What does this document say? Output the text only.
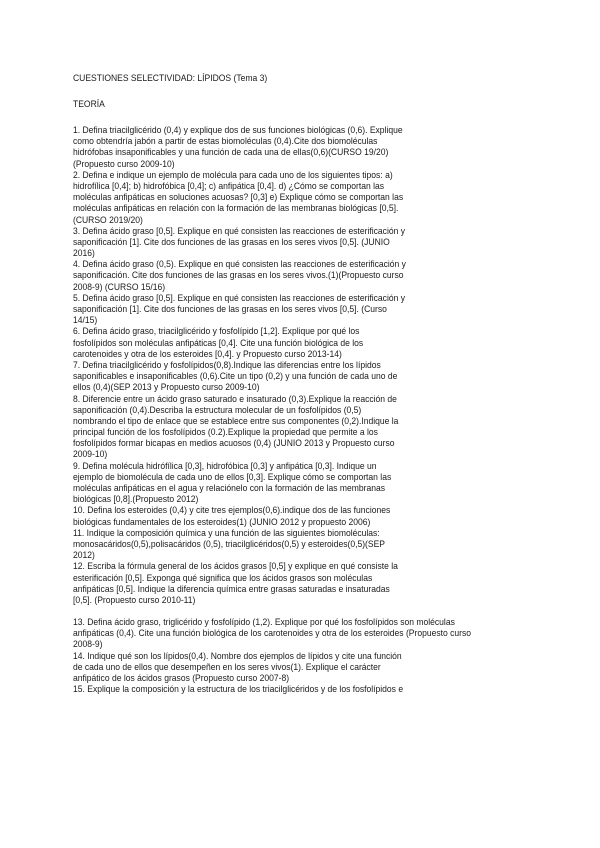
CUESTIONES SELECTIVIDAD: LÍPIDOS (Tema 3)
TEORÍA
1. Defina triacilglicérido (0,4) y explique dos de sus funciones biológicas (0,6). Explique
como obtendría jabón a partir de estas biomoléculas (0,4).Cite dos biomoléculas
hidrófobas insaponificables y una función de cada una de ellas(0,6)(CURSO 19/20)
(Propuesto curso 2009-10)
2. Defina e indique un ejemplo de molécula para cada uno de los siguientes tipos: a)
hidrofílica [0,4]; b) hidrofóbica [0,4]; c) anfipática [0,4]. d) ¿Cómo se comportan las
moléculas anfipáticas en soluciones acuosas? [0,3] e) Explique cómo se comportan las
moléculas anfipáticas en relación con la formación de las membranas biológicas [0,5].
(CURSO 2019/20)
3. Defina ácido graso [0,5]. Explique en qué consisten las reacciones de esterificación y
saponificación [1]. Cite dos funciones de las grasas en los seres vivos [0,5]. (JUNIO
2016)
4. Defina ácido graso (0,5). Explique en qué consisten las reacciones de esterificación y
saponificación. Cite dos funciones de las grasas en los seres vivos.(1)(Propuesto curso
2008-9) (CURSO 15/16)
5. Defina ácido graso [0,5]. Explique en qué consisten las reacciones de esterificación y
saponificación [1]. Cite dos funciones de las grasas en los seres vivos [0,5]. (Curso
14/15)
6. Defina ácido graso, triacilglicérido y fosfolípido [1,2]. Explique por qué los
fosfolípidos son moléculas anfipáticas [0,4]. Cite una función biológica de los
carotenoides y otra de los esteroides [0,4]. y Propuesto curso 2013-14)
7. Defina triacilglicérido y fosfolípidos(0,8).Indique las diferencias entre los lípidos
saponificables e insaponificables (0,6).Cite un tipo (0,2) y una función de cada uno de
ellos (0,4)(SEP 2013 y Propuesto curso 2009-10)
8. Diferencie entre un ácido graso saturado e insaturado (0,3).Explique la reacción de
saponificación (0,4).Describa la estructura molecular de un fosfolípidos (0,5)
nombrando el tipo de enlace que se establece entre sus componentes (0,2).Indique la
principal función de los fosfolípidos (0.2).Explique la propiedad que permite a los
fosfolípidos formar bicapas en medios acuosos (0,4) (JUNIO 2013 y Propuesto curso
2009-10)
9. Defina molécula hidrófílica [0,3], hidrofóbica [0,3] y anfipática [0,3]. Indique un
ejemplo de biomolécula de cada uno de ellos [0,3]. Explique cómo se comportan las
moléculas anfipáticas en el agua y relaciónelo con la formación de las membranas
biológicas [0,8].(Propuesto 2012)
10. Defina los esteroides (0,4) y cite tres ejemplos(0,6).indique dos de las funciones
biológicas fundamentales de los esteroides(1) (JUNIO 2012 y propuesto 2006)
11. Indique la composición química y una función de las siguientes biomoléculas:
monosacáridos(0,5),polisacáridos (0,5), triacilglicéridos(0,5) y esteroides(0,5)(SEP
2012)
12. Escriba la fórmula general de los ácidos grasos [0,5] y explique en qué consiste la
esterificación [0,5]. Exponga qué significa que los ácidos grasos son moléculas
anfipáticas [0,5]. Indique la diferencia química entre grasas saturadas e insaturadas
[0,5]. (Propuesto curso 2010-11)
13. Defina ácido graso, triglicérido y fosfolípido (1,2). Explique por qué los fosfolípidos son moléculas
anfipáticas (0,4). Cite una función biológica de los carotenoides y otra de los esteroides (Propuesto curso
2008-9)
14. Indique qué son los lípidos(0,4). Nombre dos ejemplos de lípidos y cite una función
de cada uno de ellos que desempeñen en los seres vivos(1). Explique el carácter
anfipático de los ácidos grasos (Propuesto curso 2007-8)
15. Explique la composición y la estructura de los triacilglicéridos y de los fosfolípidos e
